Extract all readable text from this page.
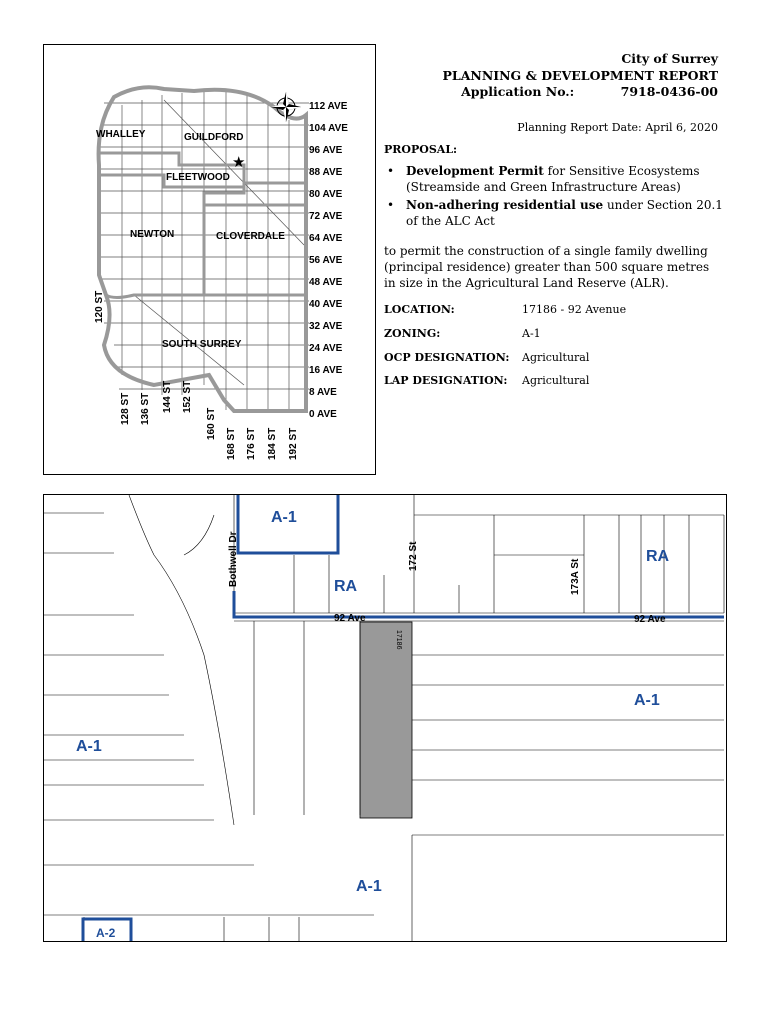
City of Surrey
PLANNING & DEVELOPMENT REPORT
Application No.:	7918-0436-00
Planning Report Date: April 6, 2020
PROPOSAL:
• Development Permit for Sensitive Ecosystems (Streamside and Green Infrastructure Areas)
• Non-adhering residential use under Section 20.1 of the ALC Act
to permit the construction of a single family dwelling (principal residence) greater than 500 square metres in size in the Agricultural Land Reserve (ALR).
LOCATION:	17186 - 92 Avenue
ZONING:	A-1
OCP DESIGNATION: Agricultural
LAP DESIGNATION: Agricultural
WHALLEY	GUILDFORD
FLEETWOOD
NEWTON	CLOVERDALE
SOUTH SURREY
★
112 AVE
104 AVE
96 AVE
88 AVE
80 AVE
72 AVE
64 AVE
56 AVE
48 AVE
40 AVE
32 AVE
24 AVE
16 AVE
8 AVE
0 AVE
120 ST
128 ST 136 ST 144 ST 152 ST
160 ST
168 ST 176 ST 184 ST 192 ST
A-1
RA
RA
A-1
A-1
A-1
A-2
Bothwell Dr	172 St
173A St
92 Ave	92 Ave
17186
